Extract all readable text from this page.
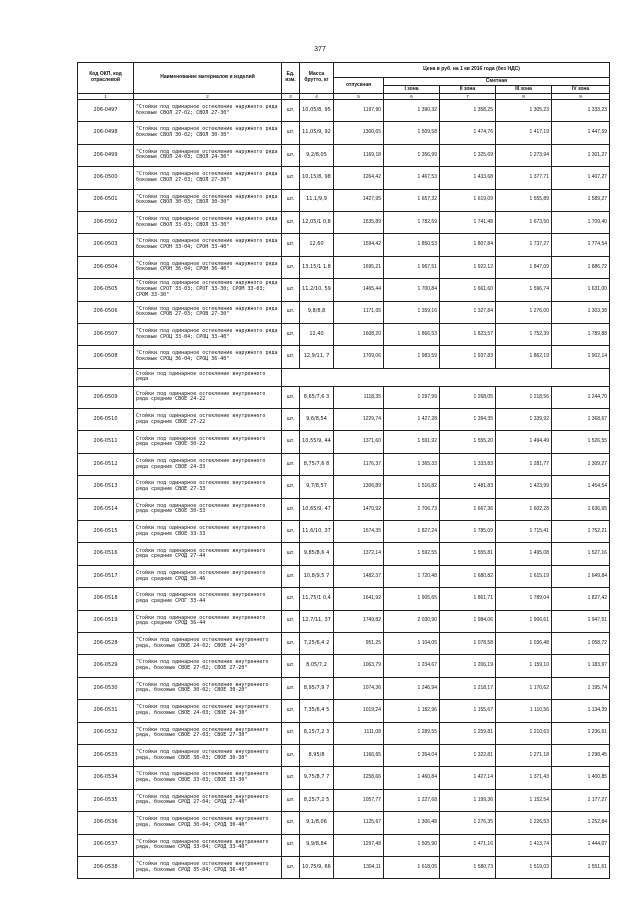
377
Код ОКП, код отраслевой	Наименование материалов и изделий	Ед. изм.	Масса брутто, кг	Цена в руб. на 1 кв 2016 года (без НДС)				
				отпускная	Сметная			
					I зона	II зона	III зона	IV зона
1	2	3	4	5	6	7	8	9
206-0497	"Стойки под одинарное остекление наружного ряда боковые СВОЛ 27-02; СВОЛ 27-30"	шт.	10,05/8, 95	1197,90	1 390,32	1 358,25	1 305,23	1 333,23
206-0498	"Стойки под одинарное остекление наружного ряда боковые СВОЛ 30-02; СВОЛ 30-30"	шт.	11,05/9, 92	1300,65	1 509,58	1 474,76	1 417,19	1 447,59
206-0499	"Стойки под одинарное остекление наружного ряда боковые СВОЛ 24-03; СВОЛ 24-30"	шт.	9,2/8,05	1169,18	1 356,99	1 325,69	1 273,94	1 301,27
206-0500	"Стойки под одинарное остекление наружного ряда боковые СВОЛ 27-03; СВОЛ 27-30"	шт.	10,15/8, 98	1264,42	1 467,53	1 433,68	1 377,71	1 407,27
206-0501	"Стойки под одинарное остекление наружного ряда боковые СВОЛ 30-03; СВОЛ 30-30"	шт.	11,1/9,9	1427,95	1 657,32	1 619,09	1 555,89	1 589,27
206-0502	"Стойки под одинарное остекление наружного ряда боковые СВОЛ 33-03; СВОЛ 33-30"	шт.	12,05/1 0,8	1535,89	1 782,59	1 741,48	1 673,50	1 709,40
206-0503	"Стойки под одинарное остекление наружного ряда боковые СРОН 33-04; СРОН 33-40"	шт.	12,60	1594,42	1 850,53	1 807,84	1 737,27	1 774,54
206-0504	"Стойки под одинарное остекление наружного ряда боковые СРОН 36-04; СРОН 36-40"	шт.	13,15/1 1,8	1695,21	1 967,51	1 922,12	1 847,09	1 886,72
206-0505	"Стойки под одинарное остекление наружного ряда боковые СРОТ 33-03; СРОТ 33-30; СРОМ 33-03; СРОМ 33-30"	шт.	11,2/10, 59	1465,44	1 700,84	1 661,60	1 596,74	1 631,00
206-0506	"Стойки под одинарное остекление наружного ряда боковые СРОВ 27-03; СРОВ 27-30"	шт.	9,8/8,8	1171,05	1 359,16	1 327,84	1 276,00	1 303,38
206-0507	"Стойки под одинарное остекление наружного ряда боковые СРОЦ 33-04; СРОЦ 33-40"	шт.	12,40	1608,20	1 866,53	1 823,57	1 752,39	1 789,88
206-0508	"Стойки под одинарное остекление наружного ряда боковые СРОЦ 36-04; СРОЦ 36-40"	шт.	12,9/11, 7	1709,06	1 983,59	1 937,83	1 862,19	1 902,14
	Стойки под одинарное остекление внутреннего ряда							
206-0509	Стойки под одинарное остекление внутреннего ряда средние СВОЕ 24-22	шт.	8,65/7,6 3	1118,35	1 297,99	1 268,05	1 218,56	1 244,70
206-0510	Стойки под одинарное остекление внутреннего ряда средние СВОЕ 27-22	шт.	9,6/8,54	1229,74	1 427,28	1 394,35	1 339,92	1 368,67
206-0511	Стойки под одинарное остекление внутреннего ряда средние СВОЕ 30-22	шт.	10,55/9, 44	1371,60	1 591,92	1 555,20	1 494,49	1 526,55
206-0512	Стойки под одинарное остекление внутреннего ряда средние СВОЕ 24-33	шт.	8,75/7,6 8	1176,37	1 365,33	1 333,83	1 281,77	1 309,27
206-0513	Стойки под одинарное остекление внутреннего ряда средние СВОЕ 27-33	шт.	9,7/8,57	1306,89	1 516,82	1 481,83	1 423,99	1 454,54
206-0514	Стойки под одинарное остекление внутреннего ряда средние СВОЕ 30-33	шт.	10,65/9, 47	1470,92	1 706,73	1 667,36	1 602,28	1 636,65
206-0515	Стойки под одинарное остекление внутреннего ряда средние СВОЕ 33-33	шт.	11,6/10, 37	1574,35	1 827,24	1 785,09	1 715,41	1 752,21
206-0516	Стойки под одинарное остекление внутреннего ряда средние СРОД 27-44	шт.	9,85/8,6 4	1372,14	1 592,55	1 555,81	1 495,08	1 527,16
206-0517	Стойки под одинарное остекление внутреннего ряда средние СРОД 30-46	шт.	10,8/9,5 7	1482,37	1 720,48	1 680,82	1 615,19	1 649,84
206-0518	Стойки под одинарное остекление внутреннего ряда средние СРОГ 33-44	шт.	11,75/1 0,4	1641,92	1 905,65	1 861,71	1 789,04	1 827,42
206-0519	Стойки под одинарное остекление внутреннего ряда средние СРОД 36-44	шт.	12,7/11, 37	1749,82	2 030,90	1 984,06	1 906,61	1 947,51
206-0528	"Стойки под одинарное остекление внутреннего ряда, боковые СВОЕ 24-02; СВОЕ 24-20"	шт.	7,25/6,4 2	951,25	1 104,05	1 078,58	1 036,48	1 058,72
206-0529	"Стойки под одинарное остекление внутреннего ряда, боковые СВОЕ 27-02; СВОЕ 27-20"	шт.	8,05/7,2	1063,79	1 234,67	1 206,19	1 159,10	1 183,97
206-0530	"Стойки под одинарное остекление внутреннего ряда, боковые СВОЕ 30-02; СВОЕ 30-20"	шт.	8,95/7,9 7	1074,36	1 246,94	1 218,17	1 170,62	1 195,74
206-0531	"Стойки под одинарное остекление внутреннего ряда, боковые СВОЕ 24-03; СВОЕ 24-30"	шт.	7,35/6,4 5	1019,24	1 182,96	1 155,67	1 110,56	1 134,39
206-0532	"Стойки под одинарное остекление внутреннего ряда, боковые СВОЕ 27-03; СВОЕ 27-30"	шт.	8,15/7,2 3	1111,08	1 289,55	1 259,81	1 210,63	1 236,61
206-0533	"Стойки под одинарное остекление внутреннего ряда, боковые СВОЕ 30-03; СВОЕ 30-30"	шт.	8,95/8	1166,65	1 354,04	1 322,81	1 271,18	1 298,45
206-0534	"Стойки под одинарное остекление внутреннего ряда, боковые СВОЕ 33-03; СВОЕ 33-30"	шт.	9,75/8,7 7	1258,66	1 460,84	1 427,14	1 371,43	1 400,85
206-0535	"Стойки под одинарное остекление внутреннего ряда, боковые СРОД 27-04; СРОД 27-40"	шт.	8,25/7,2 5	1057,77	1 227,68	1 199,36	1 152,54	1 177,27
206-0536	"Стойки под одинарное остекление внутреннего ряда, боковые СРОД 30-04; СРОД 30-40"	шт.	9,1/8,06	1125,67	1 306,48	1 276,35	1 226,53	1 252,84
206-0537	"Стойки под одинарное остекление внутреннего ряда, боковые СРОД 33-04; СРОД 33-40"	шт.	9,9/8,84	1297,48	1 505,90	1 471,16	1 413,74	1 444,07
206-0538	"Стойки под одинарное остекление внутреннего ряда, боковые СРОД 35-04; СРОД 36-40"	шт.	10,75/9, 66	1394,11	1 618,05	1 580,73	1 519,03	1 551,61
